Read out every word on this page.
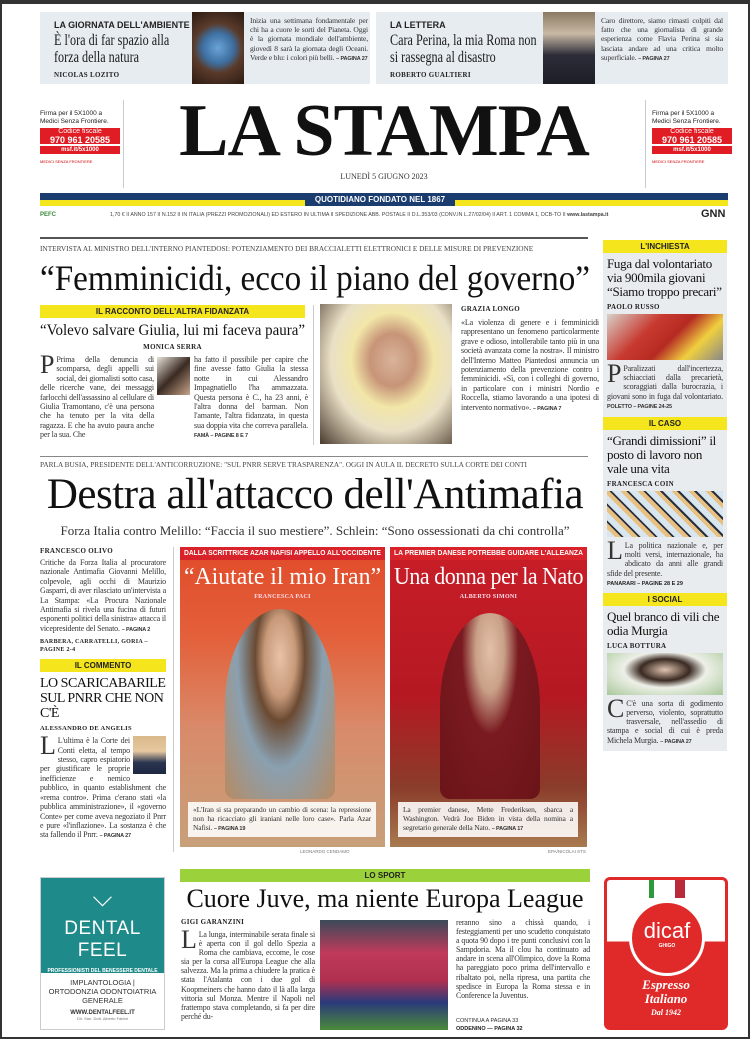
LA GIORNATA DELL'AMBIENTE
È l'ora di far spazio alla forza della natura
NICOLAS LOZITO
Inizia una settimana fondamentale per chi ha a cuore le sorti del Pianeta. Oggi è la giornata mondiale dell'ambiente, giovedì 8 sarà la giornata degli Oceani. Verde e blu: i colori più belli. – PAGINA 27
LA LETTERA
Cara Perina, la mia Roma non si rassegna al disastro
ROBERTO GUALTIERI
Caro direttore, siamo rimasti colpiti dal fatto che una giornalista di grande esperienza come Flavia Perina si sia lasciata andare ad una critica molto superficiale. – PAGINA 27
Firma per il 5X1000 a
Medici Senza Frontiere.
Codice fiscale
970 961 20585
msf.it/5x1000
MEDICI SENZA FRONTIERE	LA STAMPA
LUNEDÌ 5 GIUGNO 2023
Firma per il 5X1000 a
Medici Senza Frontiere.
Codice fiscale
970 961 20585
msf.it/5x1000
MEDICI SENZA FRONTIERE
QUOTIDIANO FONDATO NEL 1867
PEFC	1,70 € II ANNO 157 II N.152 II IN ITALIA (PREZZI PROMOZIONALI) ED ESTERO IN ULTIMA II SPEDIZIONE ABB. POSTALE II D.L.353/03 (CONV.IN L.27/02/04) II ART. 1 COMMA 1, DCB-TO II www.lastampa.it	GNN
INTERVISTA AL MINISTRO DELL'INTERNO PIANTEDOSI: POTENZIAMENTO DEI BRACCIALETTI ELETTRONICI E DELLE MISURE DI PREVENZIONE
“Femminicidi, ecco il piano del governo”
IL RACCONTO DELL'ALTRA FIDANZATA
“Volevo salvare Giulia, lui mi faceva paura”
MONICA SERRA
P Prima della denuncia di scomparsa, degli appelli sui social, dei giornalisti sotto casa, delle ricerche vane, dei messaggi farlocchi dell'assassino al cellulare di Giulia Tramontano, c'è una persona che ha tenuto per la vita della ragazza. E che ha avuto paura anche per la sua. Che
ha fatto il possibile per capire che fine avesse fatto Giulia la stessa notte in cui Alessandro Impagnatiello l'ha ammazzata. Questa persona è C., ha 23 anni, è l'altra donna del barman. Non l'amante, l'altra fidanzata, in questa sua doppia vita che correva parallela. FAMÀ – PAGINE 8 E 7
GRAZIA LONGO
«La violenza di genere e i femminicidi rappresentano un fenomeno particolarmente grave e odioso, intollerabile tanto più in una società avanzata come la nostra». Il ministro dell'Interno Matteo Piantedosi annuncia un potenziamento della prevenzione contro i femminicidi. «Sì, con i colleghi di governo, in particolare con i ministri Nordio e Roccella, stiamo lavorando a una ipotesi di intervento normativo». – PAGINA 7
PARLA BUSIA, PRESIDENTE DELL'ANTICORRUZIONE: "SUL PNRR SERVE TRASPARENZA". OGGI IN AULA IL DECRETO SULLA CORTE DEI CONTI
Destra all'attacco dell'Antimafia
Forza Italia contro Melillo: “Faccia il suo mestiere”. Schlein: “Sono ossessionati da chi controlla”
FRANCESCO OLIVO
Critiche da Forza Italia al procuratore nazionale Antimafia Giovanni Melillo, colpevole, agli occhi di Maurizio Gasparri, di aver rilasciato un'intervista a La Stampa: «La Procura Nazionale Antimafia si rivela una fucina di futuri esponenti politici della sinistra» attacca il vicepresidente del Senato. – PAGINA 2
BARBERA, CARRATELLI, GORIA – PAGINE 2-4
IL COMMENTO
LO SCARICABARILE SUL PNRR CHE NON C'È
ALESSANDRO DE ANGELIS
L L'ultima è la Corte dei Conti eletta, al tempo stesso, capro espiatorio per giustificare le proprie inefficienze e nemico pubblico, in quanto establishment che «rema contro». Prima c'erano stati «la pubblica amministrazione», il «governo Conte» per come aveva negoziato il Pnrr e pure «l'inflazione». La sostanza è che sta fallendo il Pnrr. – PAGINA 27
DALLA SCRITTRICE AZAR NAFISI APPELLO ALL'OCCIDENTE
“Aiutate il mio Iran”
FRANCESCA PACI
«L'Iran si sta preparando un cambio di scena: la repressione non ha ricacciato gli iraniani nelle loro case». Parla Azar Nafisi. – PAGINA 19
LEONARDO CENDAMO
LA PREMIER DANESE POTREBBE GUIDARE L'ALLEANZA
Una donna per la Nato
ALBERTO SIMONI
La premier danese, Mette Frederiksen, sbarca a Washington. Vedrà Joe Biden in vista della nomina a segretario generale della Nato. – PAGINA 17
EPA/NICOLAI STS
L'INCHIESTA
Fuga dal volontariato via 900mila giovani “Siamo troppo precari”
PAOLO RUSSO
P Paralizzati dall'incertezza, schiacciati dalla precarietà, scoraggiati dalla burocrazia, i giovani sono in fuga dal volontariato. POLETTO – PAGINE 24-25
IL CASO
“Grandi dimissioni” il posto di lavoro non vale una vita
FRANCESCA COIN
L La politica nazionale e, per molti versi, internazionale, ha abdicato da anni alle grandi sfide del presente.
PANARARI – PAGINE 28 E 29
I SOCIAL
Quel branco di vili che odia Murgia
LUCA BOTTURA
C C'è una sorta di godimento perverso, violento, soprattutto trasversale, nell'assedio di stampa e social di cui è preda Michela Murgia. – PAGINA 27
LO SPORT
Cuore Juve, ma niente Europa League
GIGI GARANZINI
L La lunga, interminabile serata finale si è aperta con il gol dello Spezia a Roma che cambiava, eccome, le cose sia per la corsa all'Europa League che alla salvezza. Ma la prima a chiudere la pratica è stata l'Atalanta con i due gol di Koopmeiners che hanno dato il là alla larga vittoria sul Monza. Mentre il Napoli nel frattempo stava completando, si fa per dire perché du-
reranno sino a chissà quando, i festeggiamenti per uno scudetto conquistato a quota 90 dopo i tre punti conclusivi con la Sampdoria. Ma il clou ha continuato ad andare in scena all'Olimpico, dove la Roma ha pareggiato poco prima dell'intervallo e ribaltato poi, nella ripresa, una partita che spedisce in Europa la Roma stessa e in Conference la Juventus.
CONTINUA A PAGINA 33
ODDENINO — PAGINA 32
⌵
DENTAL FEEL
PROFESSIONISTI DEL BENESSERE DENTALE
IMPLANTOLOGIA | ORTODONZIA ODONTOIATRIA GENERALE
WWW.DENTALFEEL.IT
Dir. San. Dott. Alberto Fabbri
dicaf
GHIGO
Espresso
Italiano
Dal 1942
